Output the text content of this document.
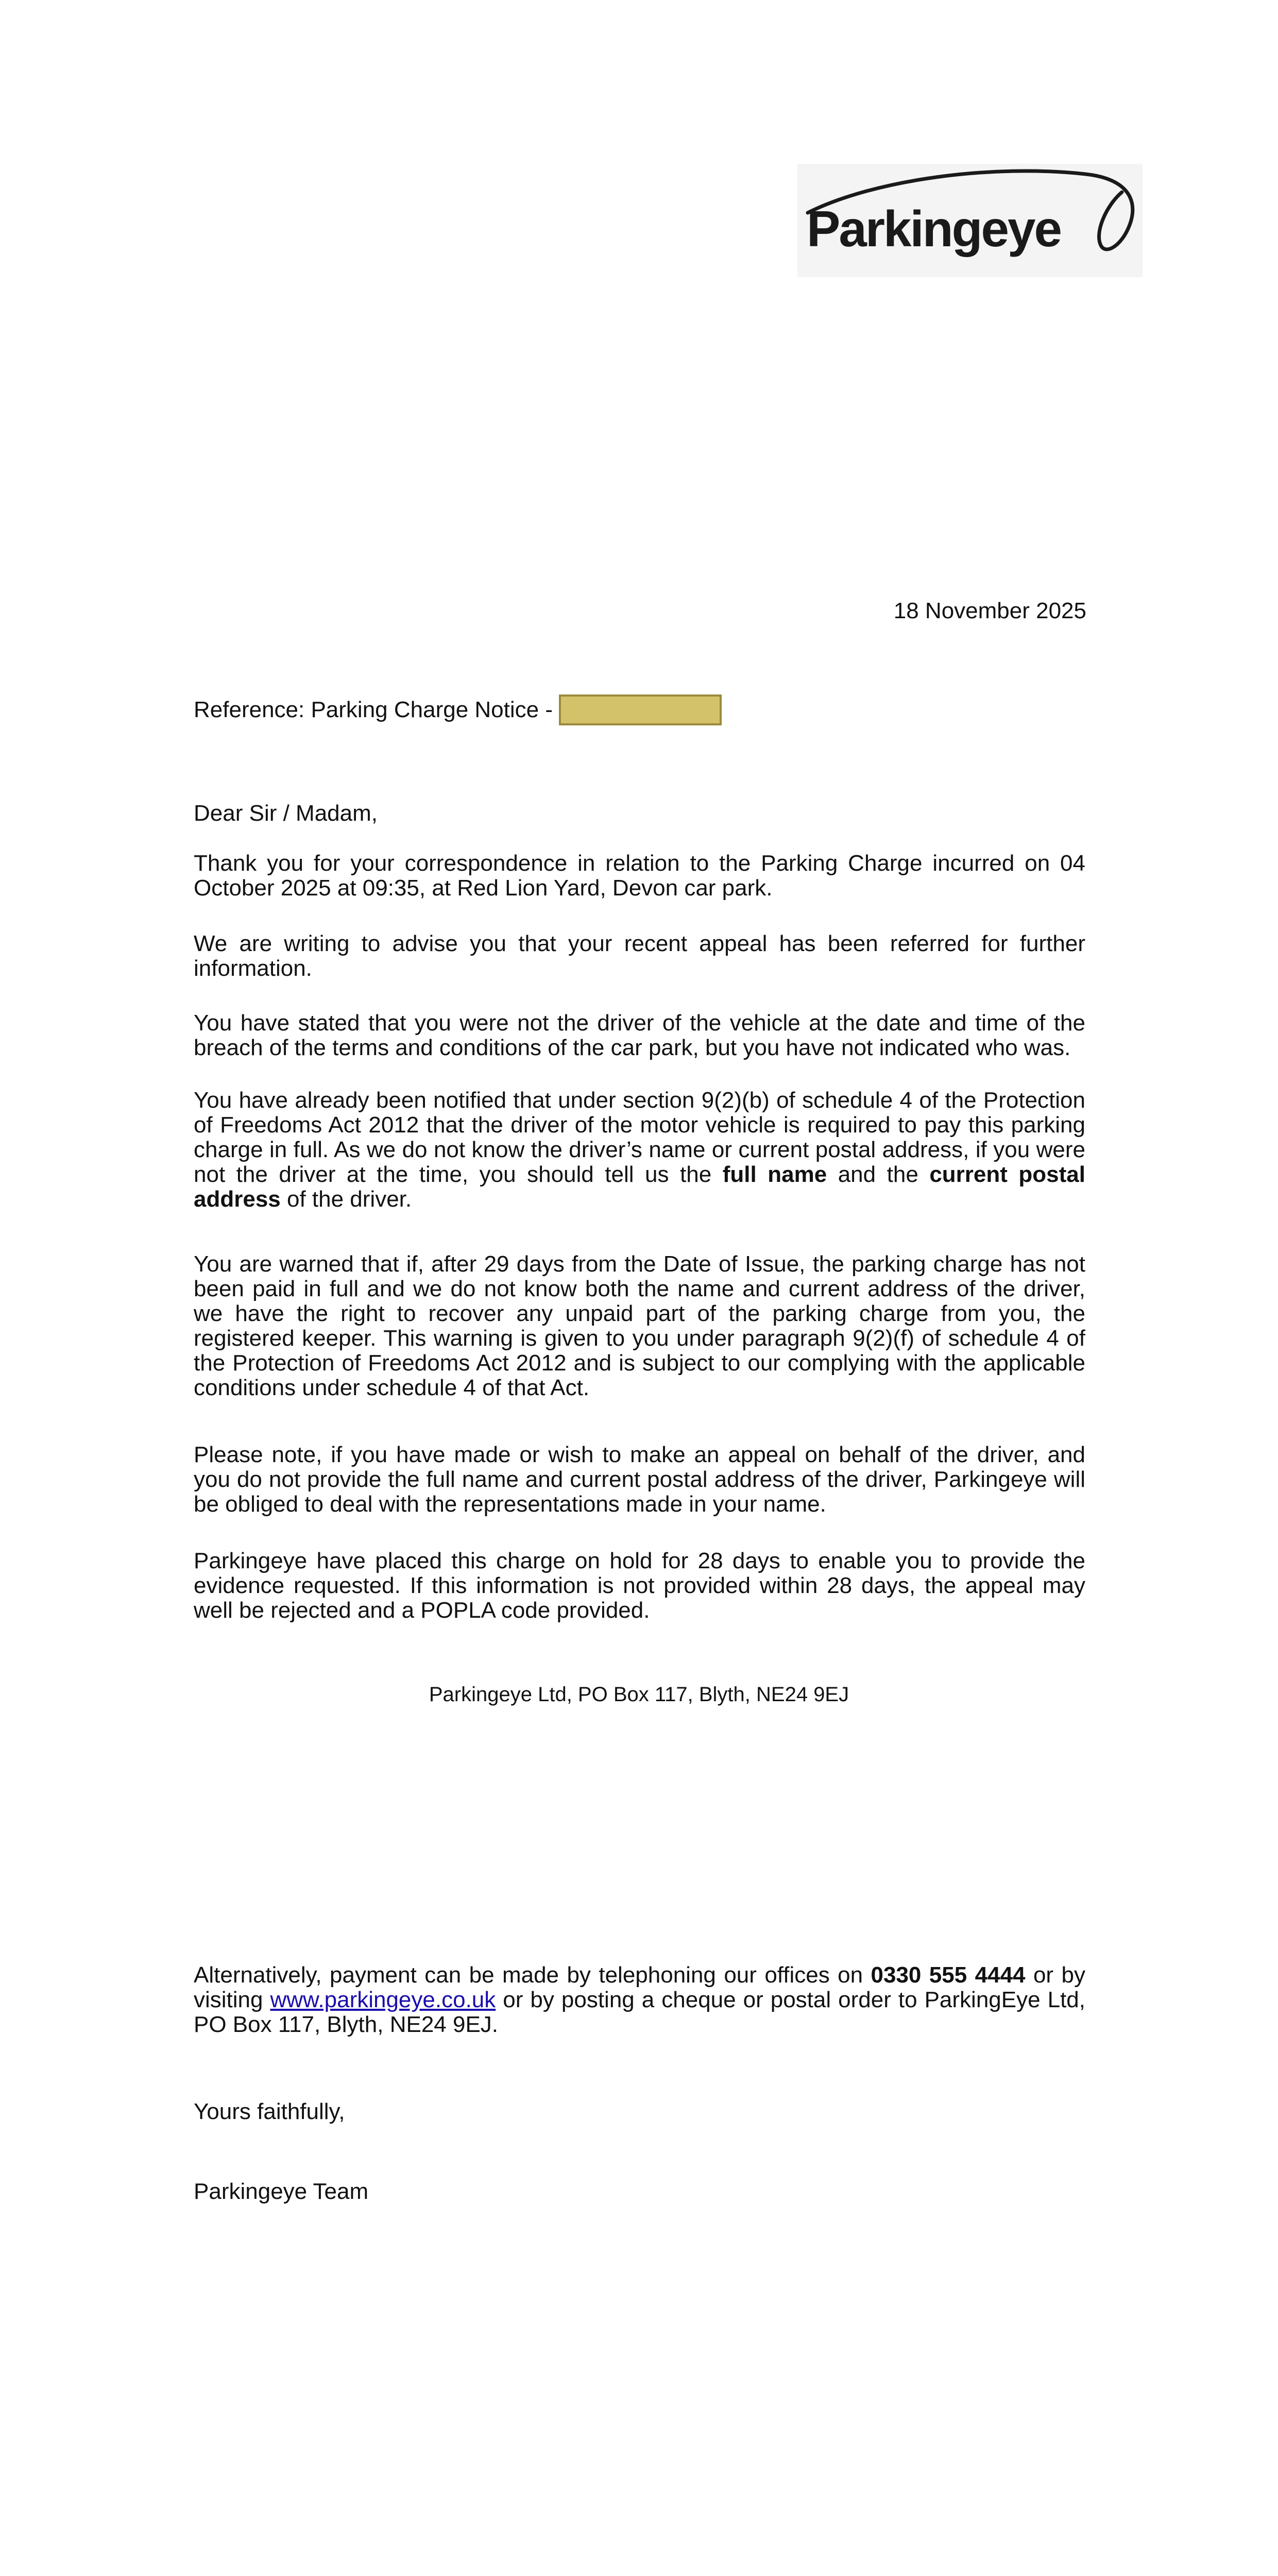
Parkingeye
18 November 2025
Reference: Parking Charge Notice -
Dear Sir / Madam,

Thank you for your correspondence in relation to the Parking Charge incurred on 04 October 2025 at 09:35, at Red Lion Yard, Devon car park.

We are writing to advise you that your recent appeal has been referred for further information.

You have stated that you were not the driver of the vehicle at the date and time of the breach of the terms and conditions of the car park, but you have not indicated who was.

You have already been notified that under section 9(2)(b) of schedule 4 of the Protection of Freedoms Act 2012 that the driver of the motor vehicle is required to pay this parking charge in full. As we do not know the driver’s name or current postal address, if you were not the driver at the time, you should tell us the full name and the current postal address of the driver.

You are warned that if, after 29 days from the Date of Issue, the parking charge has not been paid in full and we do not know both the name and current address of the driver, we have the right to recover any unpaid part of the parking charge from you, the registered keeper. This warning is given to you under paragraph 9(2)(f) of schedule 4 of the Protection of Freedoms Act 2012 and is subject to our complying with the applicable conditions under schedule 4 of that Act.

Please note, if you have made or wish to make an appeal on behalf of the driver, and you do not provide the full name and current postal address of the driver, Parkingeye will be obliged to deal with the representations made in your name.

Parkingeye have placed this charge on hold for 28 days to enable you to provide the evidence requested. If this information is not provided within 28 days, the appeal may well be rejected and a POPLA code provided.

Parkingeye Ltd, PO Box 117, Blyth, NE24 9EJ

Alternatively, payment can be made by telephoning our offices on 0330 555 4444 or by visiting www.parkingeye.co.uk or by posting a cheque or postal order to ParkingEye Ltd, PO Box 117, Blyth, NE24 9EJ.

Yours faithfully,
Parkingeye Team
